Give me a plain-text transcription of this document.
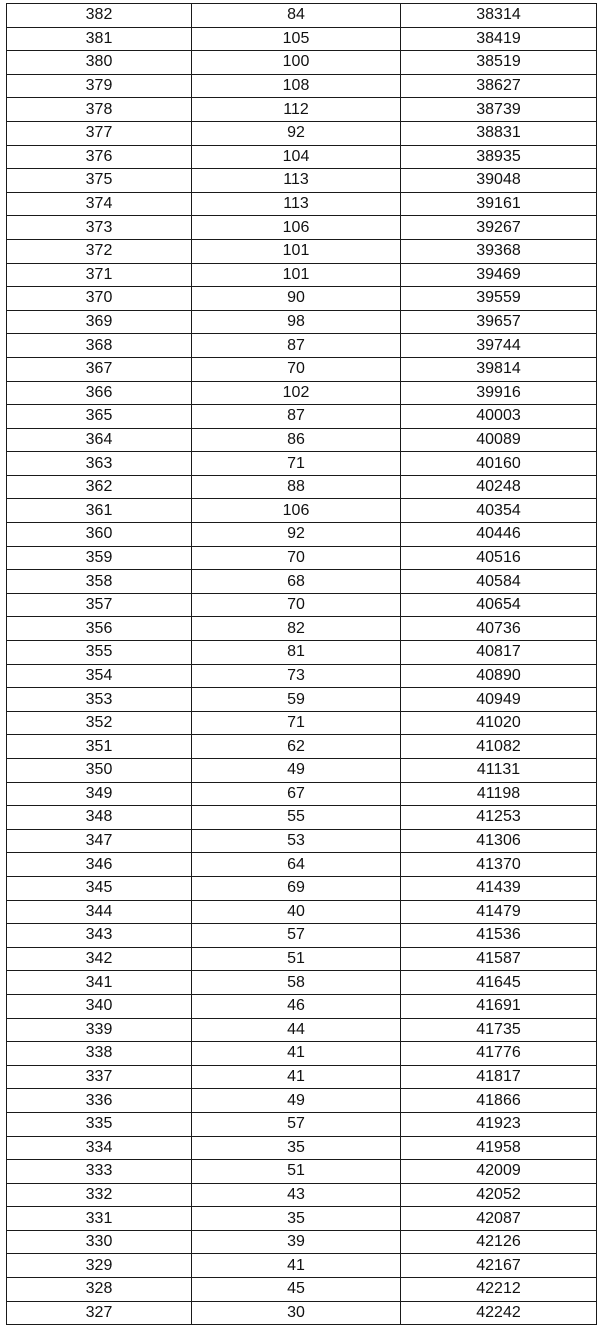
382	84	38314
381	105	38419
380	100	38519
379	108	38627
378	112	38739
377	92	38831
376	104	38935
375	113	39048
374	113	39161
373	106	39267
372	101	39368
371	101	39469
370	90	39559
369	98	39657
368	87	39744
367	70	39814
366	102	39916
365	87	40003
364	86	40089
363	71	40160
362	88	40248
361	106	40354
360	92	40446
359	70	40516
358	68	40584
357	70	40654
356	82	40736
355	81	40817
354	73	40890
353	59	40949
352	71	41020
351	62	41082
350	49	41131
349	67	41198
348	55	41253
347	53	41306
346	64	41370
345	69	41439
344	40	41479
343	57	41536
342	51	41587
341	58	41645
340	46	41691
339	44	41735
338	41	41776
337	41	41817
336	49	41866
335	57	41923
334	35	41958
333	51	42009
332	43	42052
331	35	42087
330	39	42126
329	41	42167
328	45	42212
327	30	42242
